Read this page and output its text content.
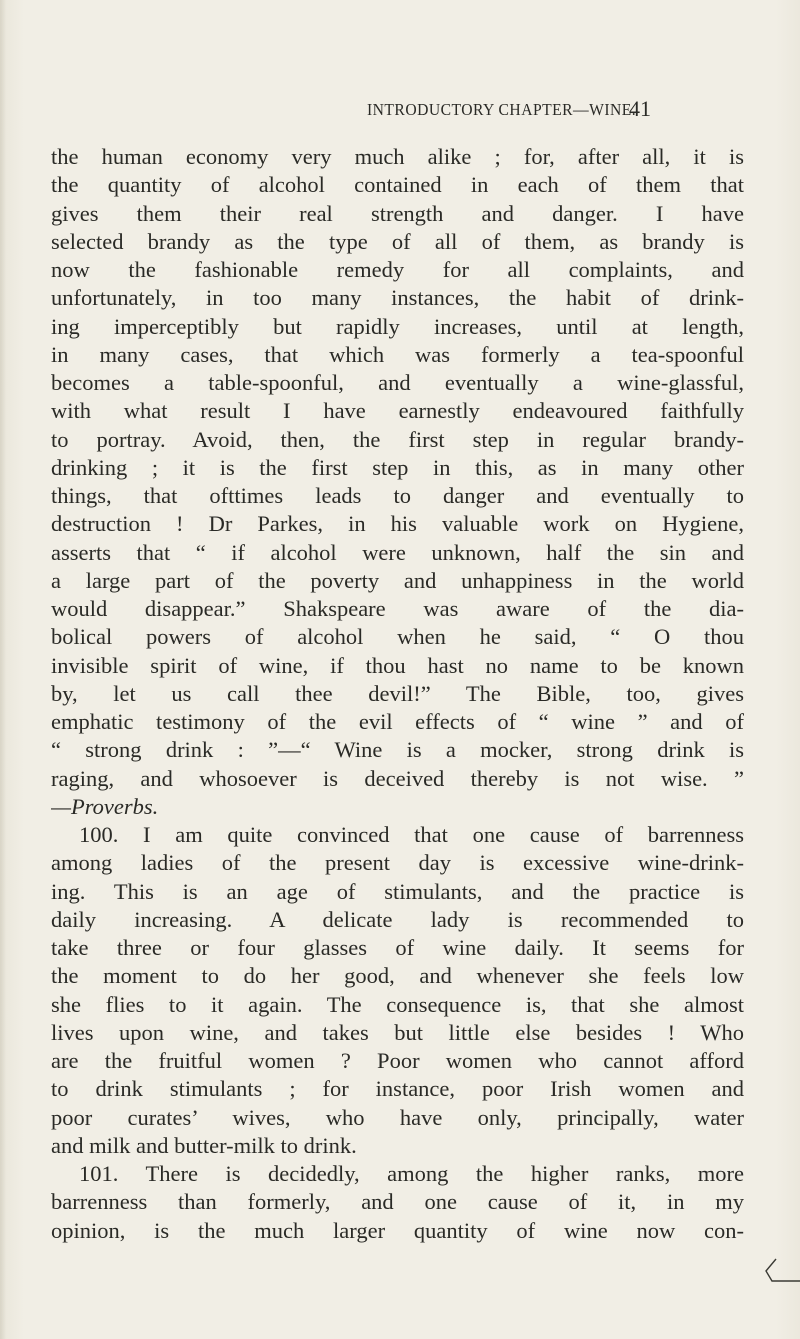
INTRODUCTORY CHAPTER—WINE.
41
the human economy very much alike ; for, after all, it is
the quantity of alcohol contained in each of them that
gives them their real strength and danger. I have
selected brandy as the type of all of them, as brandy is
now the fashionable remedy for all complaints, and
unfortunately, in too many instances, the habit of drink-
ing imperceptibly but rapidly increases, until at length,
in many cases, that which was formerly a tea-spoonful
becomes a table-spoonful, and eventually a wine-glassful,
with what result I have earnestly endeavoured faithfully
to portray. Avoid, then, the first step in regular brandy-
drinking ; it is the first step in this, as in many other
things, that ofttimes leads to danger and eventually to
destruction ! Dr Parkes, in his valuable work on Hygiene,
asserts that “ if alcohol were unknown, half the sin and
a large part of the poverty and unhappiness in the world
would disappear.” Shakspeare was aware of the dia-
bolical powers of alcohol when he said, “ O thou
invisible spirit of wine, if thou hast no name to be known
by, let us call thee devil!” The Bible, too, gives
emphatic testimony of the evil effects of “ wine ” and of
“ strong drink : ”—“ Wine is a mocker, strong drink is
raging, and whosoever is deceived thereby is not wise. ”
—Proverbs.
100. I am quite convinced that one cause of barrenness
among ladies of the present day is excessive wine-drink-
ing. This is an age of stimulants, and the practice is
daily increasing. A delicate lady is recommended to
take three or four glasses of wine daily. It seems for
the moment to do her good, and whenever she feels low
she flies to it again. The consequence is, that she almost
lives upon wine, and takes but little else besides ! Who
are the fruitful women ? Poor women who cannot afford
to drink stimulants ; for instance, poor Irish women and
poor curates’ wives, who have only, principally, water
and milk and butter-milk to drink.
101. There is decidedly, among the higher ranks, more
barrenness than formerly, and one cause of it, in my
opinion, is the much larger quantity of wine now con-
